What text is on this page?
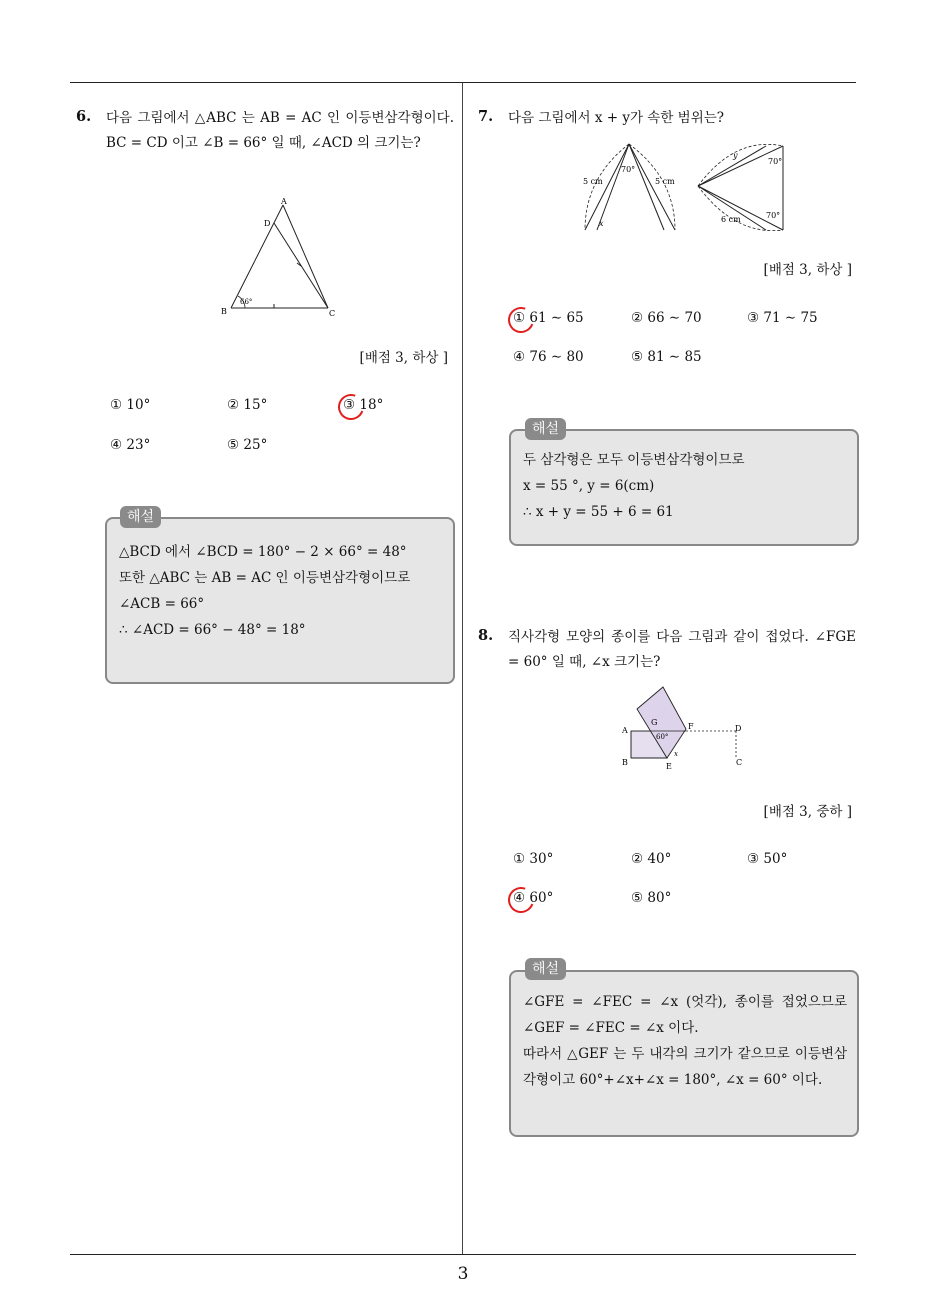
3
6. 다음 그림에서 △ABC 는 AB = AC 인 이등변삼각형이다. BC = CD 이고 ∠B = 66° 일 때, ∠ACD 의 크기는?
A
D
B	C
66°
[배점 3, 하상 ]
① 10°	② 15°	③ 18°
④ 23°	⑤ 25°
△BCD 에서 ∠BCD = 180° − 2 × 66° = 48°
또한 △ABC 는 AB = AC 인 이등변삼각형이므로
∠ACB = 66°
∴ ∠ACD = 66° − 48° = 18°
해설
7. 다음 그림에서 x + y가 속한 범위는?
70°
5 cm	5 cm
x
y
70°
70°
6 cm
[배점 3, 하상 ]
① 61 ∼ 65	② 66 ∼ 70	③ 71 ∼ 75
④ 76 ∼ 80	⑤ 81 ∼ 85
두 삼각형은 모두 이등변삼각형이므로
x = 55 °, y = 6(cm)
∴ x + y = 55 + 6 = 61
해설
8. 직사각형 모양의 종이를 다음 그림과 같이 접었다. ∠FGE = 60° 일 때, ∠x 크기는?
A
B	C
D
E
F
G
60°
x
[배점 3, 중하 ]
① 30°	② 40°	③ 50°
④ 60°	⑤ 80°
∠GFE = ∠FEC = ∠x (엇각), 종이를 접었으므로 ∠GEF = ∠FEC = ∠x 이다.
따라서 △GEF 는 두 내각의 크기가 같으므로 이등변삼각형이고 60°+∠x+∠x = 180°, ∠x = 60° 이다.
해설
